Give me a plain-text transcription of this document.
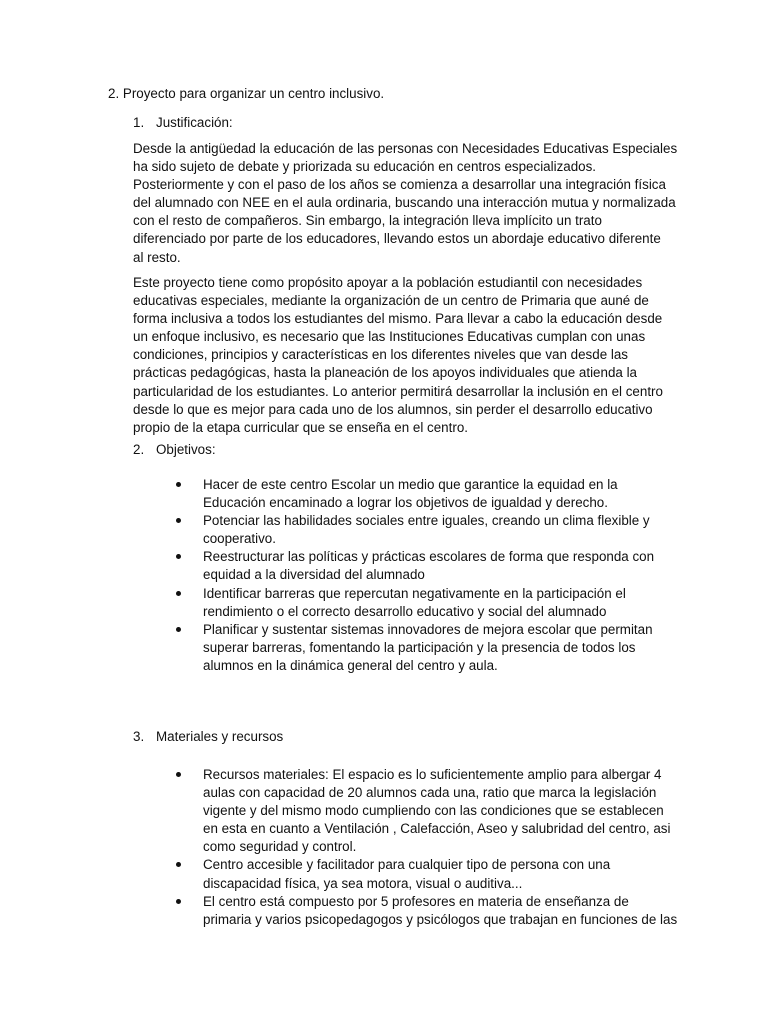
2. Proyecto para organizar un centro inclusivo.
1. Justificación:
Desde la antigüedad la educación de las personas con Necesidades Educativas Especiales
ha sido sujeto de debate y priorizada su educación en centros especializados.
Posteriormente y con el paso de los años se comienza a desarrollar una integración física
del alumnado con NEE en el aula ordinaria, buscando una interacción mutua y normalizada
con el resto de compañeros. Sin embargo, la integración lleva implícito un trato
diferenciado por parte de los educadores, llevando estos un abordaje educativo diferente
al resto.
Este proyecto tiene como propósito apoyar a la población estudiantil con necesidades
educativas especiales, mediante la organización de un centro de Primaria que auné de
forma inclusiva a todos los estudiantes del mismo. Para llevar a cabo la educación desde
un enfoque inclusivo, es necesario que las Instituciones Educativas cumplan con unas
condiciones, principios y características en los diferentes niveles que van desde las
prácticas pedagógicas, hasta la planeación de los apoyos individuales que atienda la
particularidad de los estudiantes. Lo anterior permitirá desarrollar la inclusión en el centro
desde lo que es mejor para cada uno de los alumnos, sin perder el desarrollo educativo
propio de la etapa curricular que se enseña en el centro.
2. Objetivos:
Hacer de este centro Escolar un medio que garantice la equidad en la
Educación encaminado a lograr los objetivos de igualdad y derecho.
Potenciar las habilidades sociales entre iguales, creando un clima flexible y
cooperativo.
Reestructurar las políticas y prácticas escolares de forma que responda con
equidad a la diversidad del alumnado
Identificar barreras que repercutan negativamente en la participación el
rendimiento o el correcto desarrollo educativo y social del alumnado
Planificar y sustentar sistemas innovadores de mejora escolar que permitan
superar barreras, fomentando la participación y la presencia de todos los
alumnos en la dinámica general del centro y aula.
3. Materiales y recursos
Recursos materiales: El espacio es lo suficientemente amplio para albergar 4
aulas con capacidad de 20 alumnos cada una, ratio que marca la legislación
vigente y del mismo modo cumpliendo con las condiciones que se establecen
en esta en cuanto a Ventilación , Calefacción, Aseo y salubridad del centro, asi
como seguridad y control.
Centro accesible y facilitador para cualquier tipo de persona con una
discapacidad física, ya sea motora, visual o auditiva...
El centro está compuesto por 5 profesores en materia de enseñanza de
primaria y varios psicopedagogos y psicólogos que trabajan en funciones de las
